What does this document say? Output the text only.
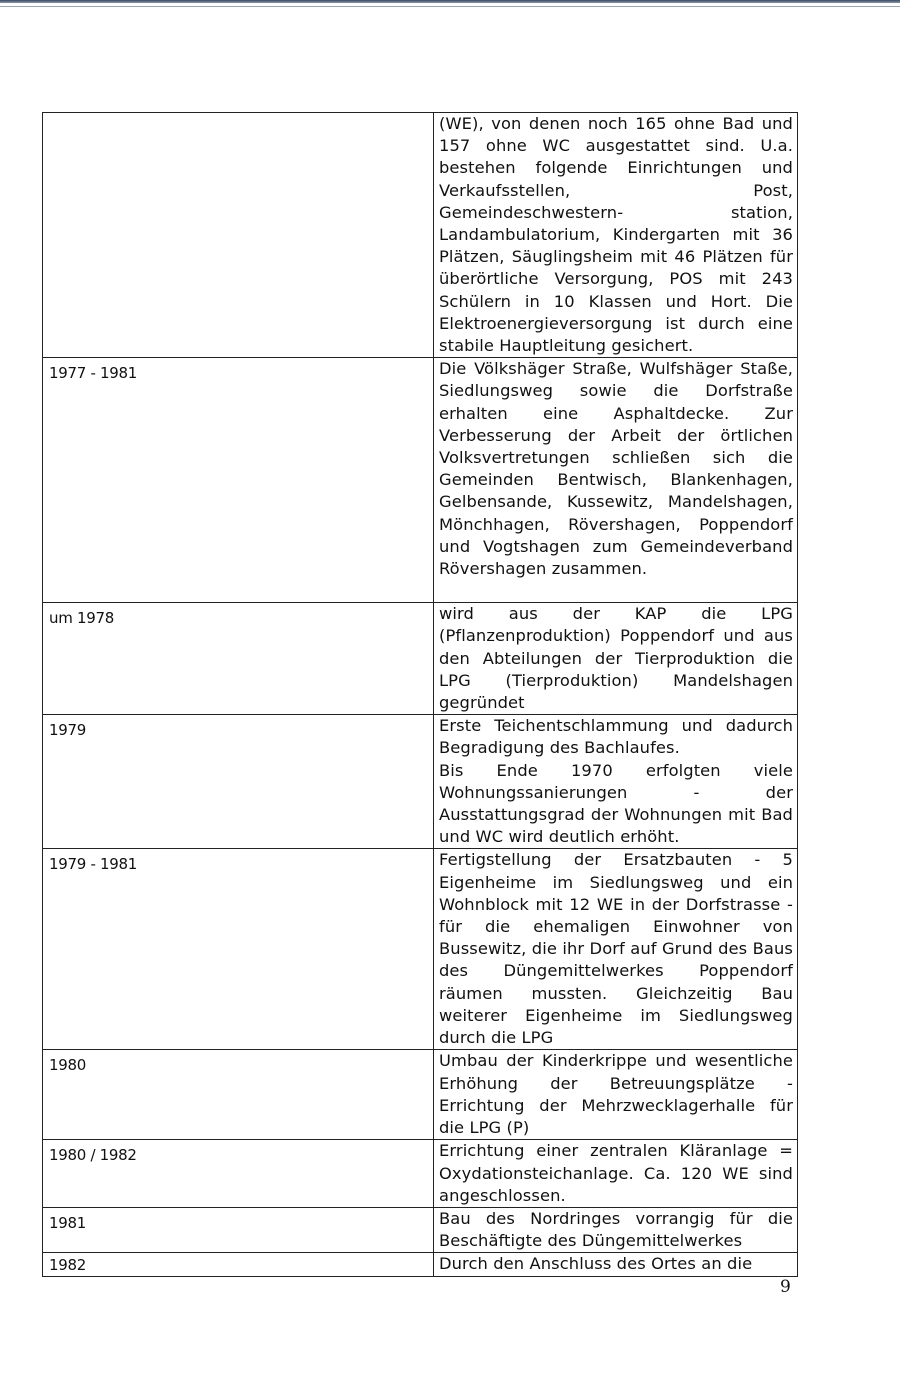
	(WE), von denen noch 165 ohne Bad und 157 ohne WC ausgestattet sind. U.a. bestehen folgende Einrichtungen und Verkaufsstellen, Post, Gemeindeschwestern- station, Landambulatorium, Kindergarten mit 36 Plätzen, Säuglingsheim mit 46 Plätzen für überörtliche Versorgung, POS mit 243 Schülern in 10 Klassen und Hort. Die Elektroenergieversorgung ist durch eine stabile Hauptleitung gesichert.

1977 - 1981	Die Völkshäger Straße, Wulfshäger Staße, Siedlungsweg sowie die Dorfstraße erhalten eine Asphaltdecke. Zur Verbesserung der Arbeit der örtlichen Volksvertretungen schließen sich die Gemeinden Bentwisch, Blankenhagen, Gelbensande, Kussewitz, Mandelshagen, Mönchhagen, Rövershagen, Poppendorf und Vogtshagen zum Gemeindeverband Rövershagen zusammen.

um 1978	wird aus der KAP die LPG (Pflanzenproduktion) Poppendorf und aus den Abteilungen der Tierproduktion die LPG (Tierproduktion) Mandelshagen gegründet

1979	Erste Teichentschlammung und dadurch Begradigung des Bachlaufes.

Bis Ende 1970 erfolgten viele Wohnungssanierungen - der Ausstattungsgrad der Wohnungen mit Bad und WC wird deutlich erhöht.

1979 - 1981	Fertigstellung der Ersatzbauten - 5 Eigenheime im Siedlungsweg und ein Wohnblock mit 12 WE in der Dorfstrasse - für die ehemaligen Einwohner von Bussewitz, die ihr Dorf auf Grund des Baus des Düngemittelwerkes Poppendorf räumen mussten. Gleichzeitig Bau weiterer Eigenheime im Siedlungsweg durch die LPG

1980	Umbau der Kinderkrippe und wesentliche Erhöhung der Betreuungsplätze - Errichtung der Mehrzwecklagerhalle für die LPG (P)

1980 / 1982	Errichtung einer zentralen Kläranlage = Oxydationsteichanlage. Ca. 120 WE sind angeschlossen.

1981	Bau des Nordringes vorrangig für die Beschäftigte des Düngemittelwerkes

1982	Durch den Anschluss des Ortes an die

9
